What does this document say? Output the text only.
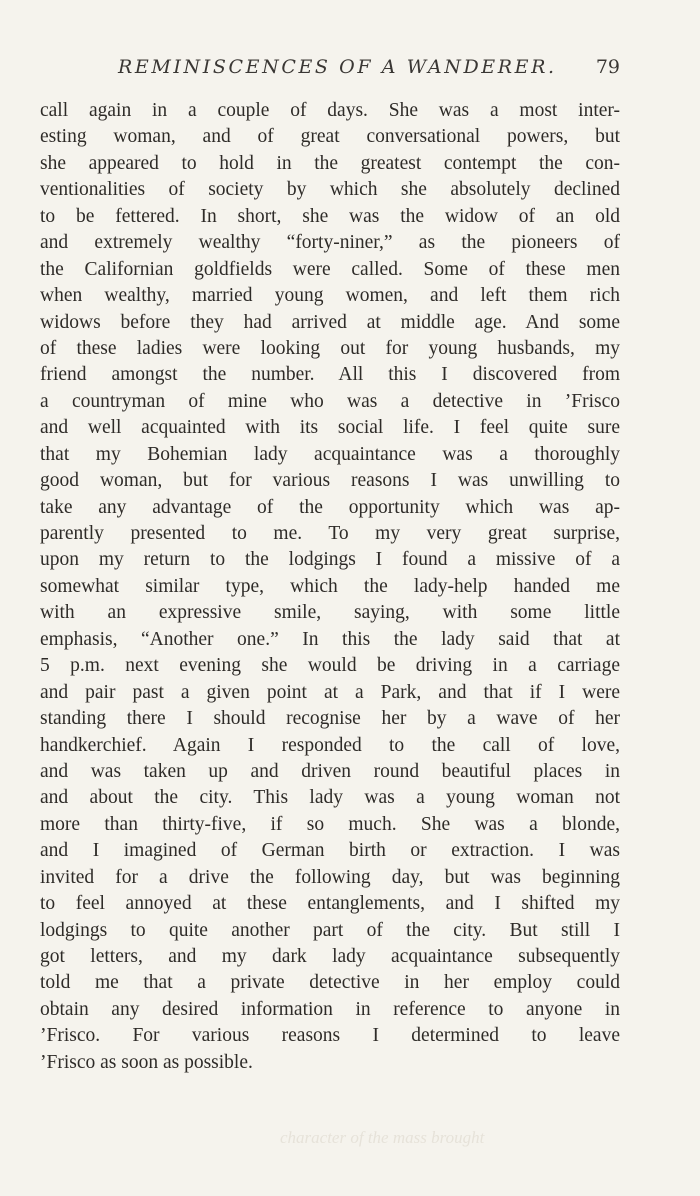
REMINISCENCES OF A WANDERER. 79
call again in a couple of days. She was a most inter-
esting woman, and of great conversational powers, but
she appeared to hold in the greatest contempt the con-
ventionalities of society by which she absolutely declined
to be fettered. In short, she was the widow of an old
and extremely wealthy “forty-niner,” as the pioneers of
the Californian goldfields were called. Some of these men
when wealthy, married young women, and left them rich
widows before they had arrived at middle age. And some
of these ladies were looking out for young husbands, my
friend amongst the number. All this I discovered from
a countryman of mine who was a detective in ’Frisco
and well acquainted with its social life. I feel quite sure
that my Bohemian lady acquaintance was a thoroughly
good woman, but for various reasons I was unwilling to
take any advantage of the opportunity which was ap-
parently presented to me. To my very great surprise,
upon my return to the lodgings I found a missive of a
somewhat similar type, which the lady-help handed me
with an expressive smile, saying, with some little
emphasis, “Another one.” In this the lady said that at
5 p.m. next evening she would be driving in a carriage
and pair past a given point at a Park, and that if I were
standing there I should recognise her by a wave of her
handkerchief. Again I responded to the call of love,
and was taken up and driven round beautiful places in
and about the city. This lady was a young woman not
more than thirty-five, if so much. She was a blonde,
and I imagined of German birth or extraction. I was
invited for a drive the following day, but was beginning
to feel annoyed at these entanglements, and I shifted my
lodgings to quite another part of the city. But still I
got letters, and my dark lady acquaintance subsequently
told me that a private detective in her employ could
obtain any desired information in reference to anyone in
’Frisco. For various reasons I determined to leave
’Frisco as soon as possible.
character of the mass brought
